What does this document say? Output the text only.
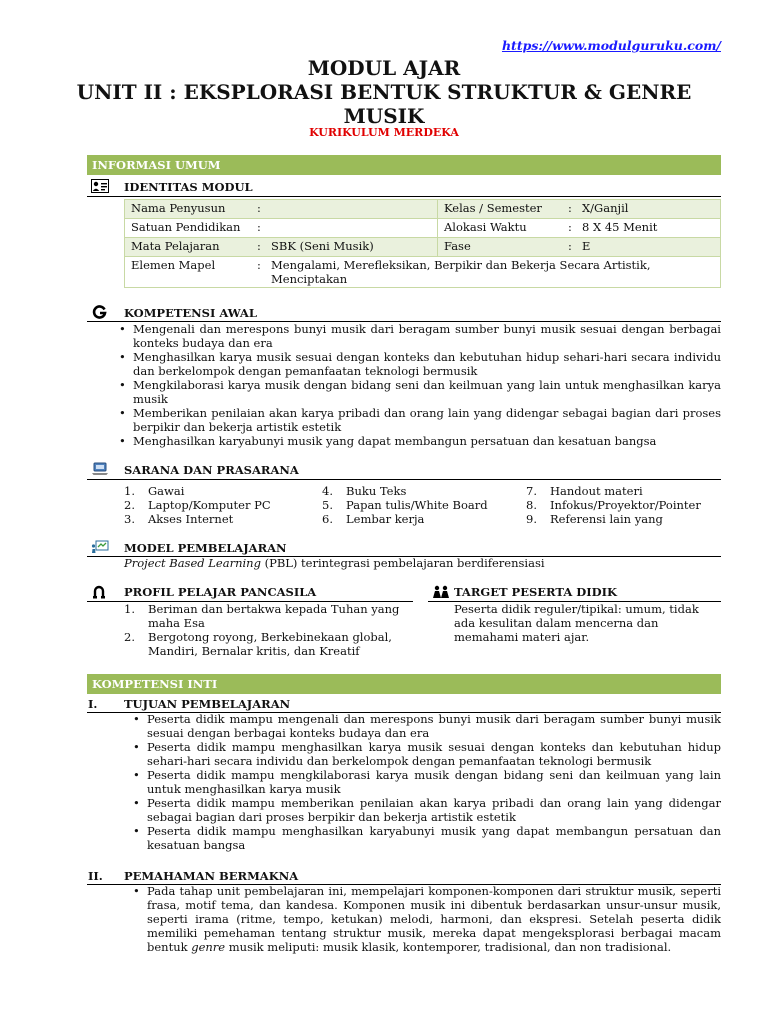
https://www.modulguruku.com/
MODUL AJAR
UNIT II : EKSPLORASI BENTUK STRUKTUR & GENRE
MUSIK
KURIKULUM MERDEKA
INFORMASI UMUM
IDENTITAS MODUL
Nama Penyusun :	Kelas / Semester : X/Ganjil
Satuan Pendidikan :	Alokasi Waktu : 8 X 45 Menit
Mata Pelajaran : SBK (Seni Musik)	Fase : E

Elemen Mapel : Mengalami, Merefleksikan, Berpikir dan Bekerja Secara Artistik, Menciptakan	
KOMPETENSI AWAL
• Mengenali dan merespons bunyi musik dari beragam sumber bunyi musik sesuai dengan berbagai konteks budaya dan era
• Menghasilkan karya musik sesuai dengan konteks dan kebutuhan hidup sehari-hari secara individu dan berkelompok dengan pemanfaatan teknologi bermusik
• Mengkilaborasi karya musik dengan bidang seni dan keilmuan yang lain untuk menghasilkan karya musik
• Memberikan penilaian akan karya pribadi dan orang lain yang didengar sebagai bagian dari proses berpikir dan bekerja artistik estetik
• Menghasilkan karyabunyi musik yang dapat membangun persatuan dan kesatuan bangsa
SARANA DAN PRASARANA
1. Gawai
2. Laptop/Komputer PC
3. Akses Internet
4. Buku Teks
5. Papan tulis/White Board
6. Lembar kerja
7. Handout materi
8. Infokus/Proyektor/Pointer
9. Referensi lain yang
MODEL PEMBELAJARAN
Project Based Learning (PBL) terintegrasi pembelajaran berdiferensiasi
PROFIL PELAJAR PANCASILA
1. Beriman dan bertakwa kepada Tuhan yang maha Esa
2. Bergotong royong, Berkebinekaan global, Mandiri, Bernalar kritis, dan Kreatif
TARGET PESERTA DIDIK
Peserta didik reguler/tipikal: umum, tidak ada kesulitan dalam mencerna dan memahami materi ajar.
KOMPETENSI INTI
I. TUJUAN PEMBELAJARAN
• Peserta didik mampu mengenali dan merespons bunyi musik dari beragam sumber bunyi musik sesuai dengan berbagai konteks budaya dan era
• Peserta didik mampu menghasilkan karya musik sesuai dengan konteks dan kebutuhan hidup sehari-hari secara individu dan berkelompok dengan pemanfaatan teknologi bermusik
• Peserta didik mampu mengkilaborasi karya musik dengan bidang seni dan keilmuan yang lain untuk menghasilkan karya musik
• Peserta didik mampu memberikan penilaian akan karya pribadi dan orang lain yang didengar sebagai bagian dari proses berpikir dan bekerja artistik estetik
• Peserta didik mampu menghasilkan karyabunyi musik yang dapat membangun persatuan dan kesatuan bangsa
II. PEMAHAMAN BERMAKNA
• Pada tahap unit pembelajaran ini, mempelajari komponen-komponen dari struktur musik, seperti frasa, motif tema, dan kandesa. Komponen musik ini dibentuk berdasarkan unsur-unsur musik, seperti irama (ritme, tempo, ketukan) melodi, harmoni, dan ekspresi. Setelah peserta didik memiliki pemehaman tentang struktur musik, mereka dapat mengeksplorasi berbagai macam bentuk genre musik meliputi: musik klasik, kontemporer, tradisional, dan non tradisional.
